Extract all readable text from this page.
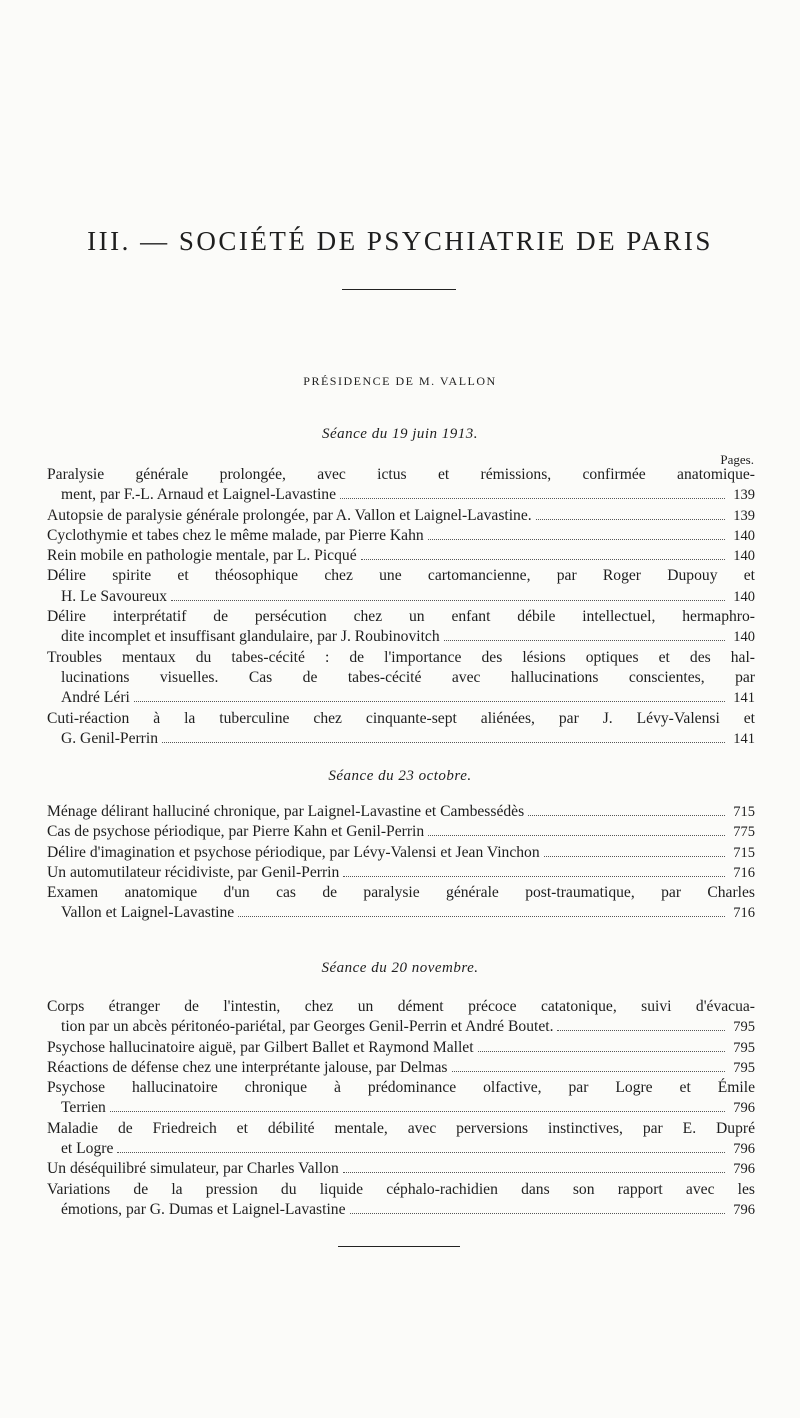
III. — SOCIÉTÉ DE PSYCHIATRIE DE PARIS
PRÉSIDENCE DE M. VALLON
Séance du 19 juin 1913.
Pages.
Paralysie générale prolongée, avec ictus et rémissions, confirmée anatomique-
ment, par F.-L. Arnaud et Laignel-Lavastine	139
Autopsie de paralysie générale prolongée, par A. Vallon et Laignel-Lavastine.	139
Cyclothymie et tabes chez le même malade, par Pierre Kahn	140
Rein mobile en pathologie mentale, par L. Picqué	140
Délire spirite et théosophique chez une cartomancienne, par Roger Dupouy et
H. Le Savoureux	140
Délire interprétatif de persécution chez un enfant débile intellectuel, hermaphro-
dite incomplet et insuffisant glandulaire, par J. Roubinovitch	140
Troubles mentaux du tabes-cécité : de l'importance des lésions optiques et des hal-
lucinations visuelles. Cas de tabes-cécité avec hallucinations conscientes, par
André Léri	141
Cuti-réaction à la tuberculine chez cinquante-sept aliénées, par J. Lévy-Valensi et
G. Genil-Perrin	141
Séance du 23 octobre.
Ménage délirant halluciné chronique, par Laignel-Lavastine et Cambessédès	715
Cas de psychose périodique, par Pierre Kahn et Genil-Perrin	775
Délire d'imagination et psychose périodique, par Lévy-Valensi et Jean Vinchon	715
Un automutilateur récidiviste, par Genil-Perrin	716
Examen anatomique d'un cas de paralysie générale post-traumatique, par Charles
Vallon et Laignel-Lavastine	716
Séance du 20 novembre.
Corps étranger de l'intestin, chez un dément précoce catatonique, suivi d'évacua-
tion par un abcès péritonéo-pariétal, par Georges Genil-Perrin et André Boutet.	795
Psychose hallucinatoire aiguë, par Gilbert Ballet et Raymond Mallet	795
Réactions de défense chez une interprétante jalouse, par Delmas	795
Psychose hallucinatoire chronique à prédominance olfactive, par Logre et Émile
Terrien	796
Maladie de Friedreich et débilité mentale, avec perversions instinctives, par E. Dupré
et Logre	796
Un déséquilibré simulateur, par Charles Vallon	796
Variations de la pression du liquide céphalo-rachidien dans son rapport avec les
émotions, par G. Dumas et Laignel-Lavastine	796
